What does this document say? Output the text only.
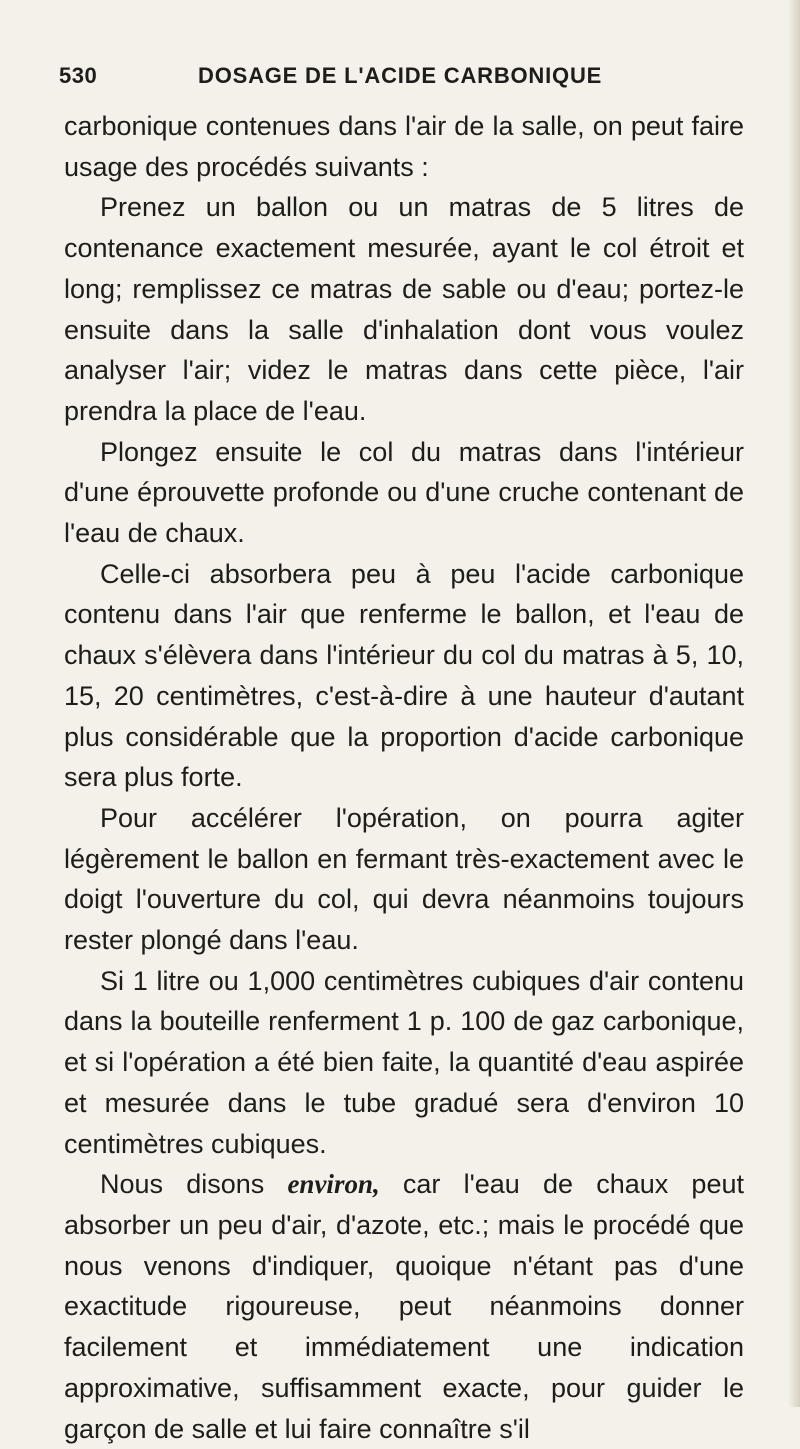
530	DOSAGE DE L'ACIDE CARBONIQUE

carbonique contenues dans l'air de la salle, on peut faire usage des procédés suivants :

Prenez un ballon ou un matras de 5 litres de contenance exactement mesurée, ayant le col étroit et long; remplissez ce matras de sable ou d'eau; portez-le ensuite dans la salle d'inhalation dont vous voulez analyser l'air; videz le matras dans cette pièce, l'air prendra la place de l'eau.

Plongez ensuite le col du matras dans l'intérieur d'une éprouvette profonde ou d'une cruche contenant de l'eau de chaux.

Celle-ci absorbera peu à peu l'acide carbonique contenu dans l'air que renferme le ballon, et l'eau de chaux s'élèvera dans l'intérieur du col du matras à 5, 10, 15, 20 centimètres, c'est-à-dire à une hauteur d'autant plus considérable que la proportion d'acide carbonique sera plus forte.

Pour accélérer l'opération, on pourra agiter légèrement le ballon en fermant très-exactement avec le doigt l'ouverture du col, qui devra néanmoins toujours rester plongé dans l'eau.

Si 1 litre ou 1,000 centimètres cubiques d'air contenu dans la bouteille renferment 1 p. 100 de gaz carbonique, et si l'opération a été bien faite, la quantité d'eau aspirée et mesurée dans le tube gradué sera d'environ 10 centimètres cubiques.

Nous disons environ, car l'eau de chaux peut absorber un peu d'air, d'azote, etc.; mais le procédé que nous venons d'indiquer, quoique n'étant pas d'une exactitude rigoureuse, peut néanmoins donner facilement et immédiatement une indication approximative, suffisamment exacte, pour guider le garçon de salle et lui faire connaître s'il
